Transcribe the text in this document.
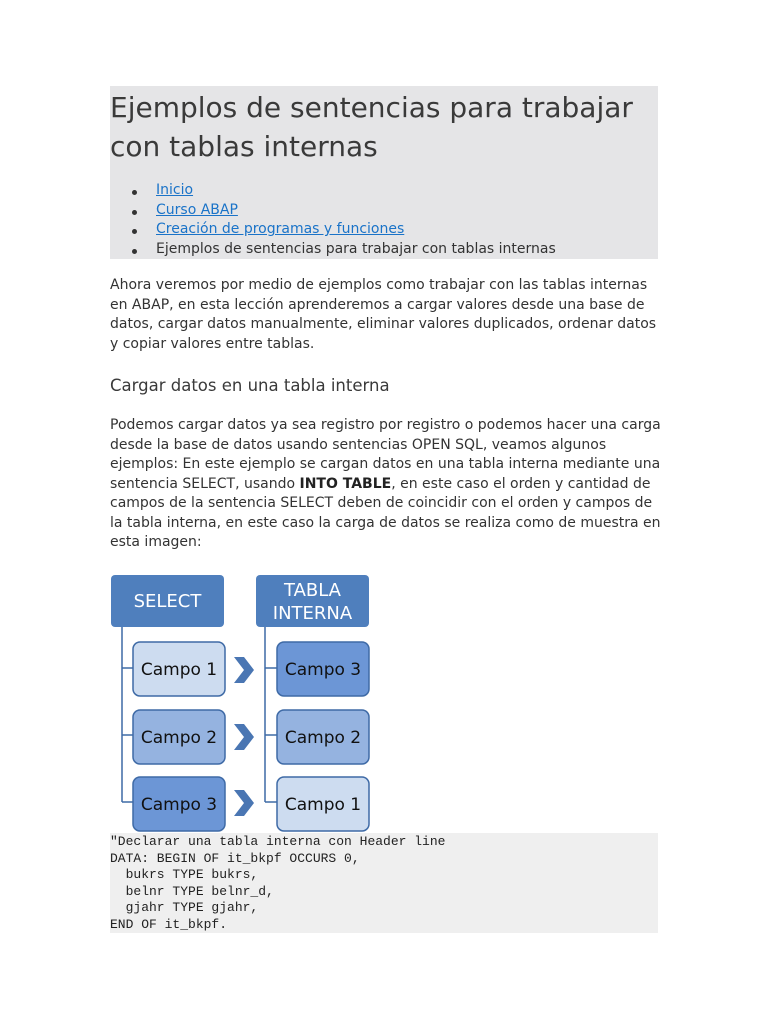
Ejemplos de sentencias para trabajar con tablas internas
Inicio
Curso ABAP
Creación de programas y funciones
Ejemplos de sentencias para trabajar con tablas internas

Ahora veremos por medio de ejemplos como trabajar con las tablas internas en ABAP, en esta lección aprenderemos a cargar valores desde una base de datos, cargar datos manualmente, eliminar valores duplicados, ordenar datos y copiar valores entre tablas.

Cargar datos en una tabla interna

Podemos cargar datos ya sea registro por registro o podemos hacer una carga desde la base de datos usando sentencias OPEN SQL, veamos algunos ejemplos: En este ejemplo se cargan datos en una tabla interna mediante una sentencia SELECT, usando INTO TABLE, en este caso el orden y cantidad de campos de la sentencia SELECT deben de coincidir con el orden y campos de la tabla interna, en este caso la carga de datos se realiza como de muestra en esta imagen:

SELECT
TABLA
INTERNA
Campo 1
Campo 2
Campo 3
Campo 3
Campo 2
Campo 1
"Declarar una tabla interna con Header line
DATA: BEGIN OF it_bkpf OCCURS 0,
bukrs TYPE bukrs,
belnr TYPE belnr_d,
gjahr TYPE gjahr,
END OF it_bkpf.
